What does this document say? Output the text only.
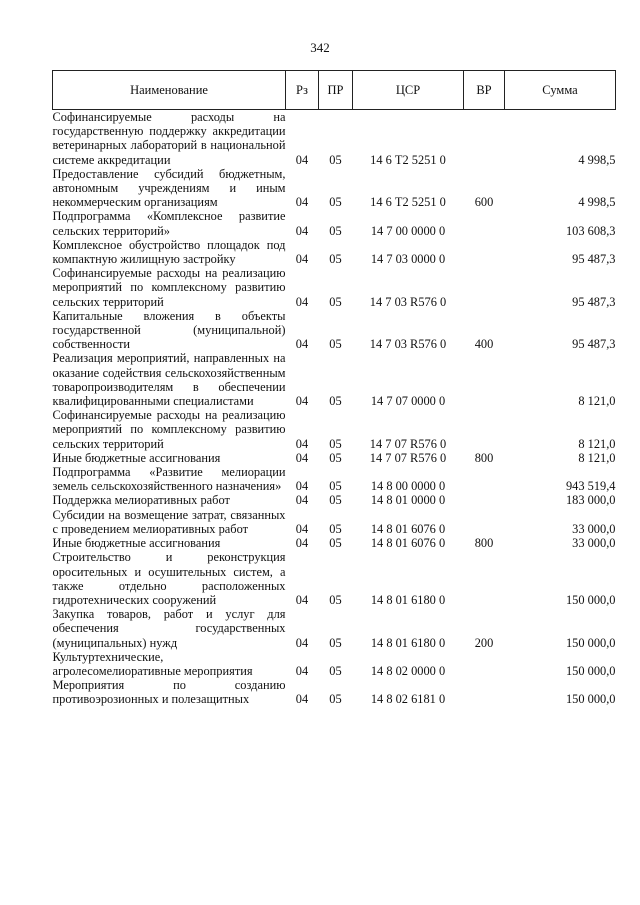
342
Наименование	Рз	ПР	ЦСР	ВР	Сумма
Софинансируемые расходы на государственную поддержку аккредитации ветеринарных лабораторий в национальной системе аккредитации	04	05	14 6 Т2 5251 0		4 998,5
Предоставление субсидий бюджетным, автономным учреждениям и иным некоммерческим организациям	04	05	14 6 Т2 5251 0	600	4 998,5
Подпрограмма «Комплексное развитие сельских территорий»	04	05	14 7 00 0000 0		103 608,3
Комплексное обустройство площадок под компактную жилищную застройку	04	05	14 7 03 0000 0		95 487,3
Софинансируемые расходы на реализацию мероприятий по комплексному развитию сельских территорий	04	05	14 7 03 R576 0		95 487,3
Капитальные вложения в объекты государственной (муниципальной) собственности	04	05	14 7 03 R576 0	400	95 487,3
Реализация мероприятий, направленных на оказание содействия сельскохозяйственным товаропроизводителям в обеспечении квалифицированными специалистами	04	05	14 7 07 0000 0		8 121,0
Софинансируемые расходы на реализацию мероприятий по комплексному развитию сельских территорий	04	05	14 7 07 R576 0		8 121,0
Иные бюджетные ассигнования	04	05	14 7 07 R576 0	800	8 121,0
Подпрограмма «Развитие мелиорации земель сельскохозяйственного назначения»	04	05	14 8 00 0000 0		943 519,4
Поддержка мелиоративных работ	04	05	14 8 01 0000 0		183 000,0
Субсидии на возмещение затрат, связанных с проведением мелиоративных работ	04	05	14 8 01 6076 0		33 000,0
Иные бюджетные ассигнования	04	05	14 8 01 6076 0	800	33 000,0
Строительство и реконструкция оросительных и осушительных систем, а также отдельно расположенных гидротехнических сооружений	04	05	14 8 01 6180 0		150 000,0
Закупка товаров, работ и услуг для обеспечения государственных (муниципальных) нужд	04	05	14 8 01 6180 0	200	150 000,0
Культуртехнические, агролесомелиоративные мероприятия	04	05	14 8 02 0000 0		150 000,0
Мероприятия по созданию противоэрозионных и полезащитных	04	05	14 8 02 6181 0		150 000,0
